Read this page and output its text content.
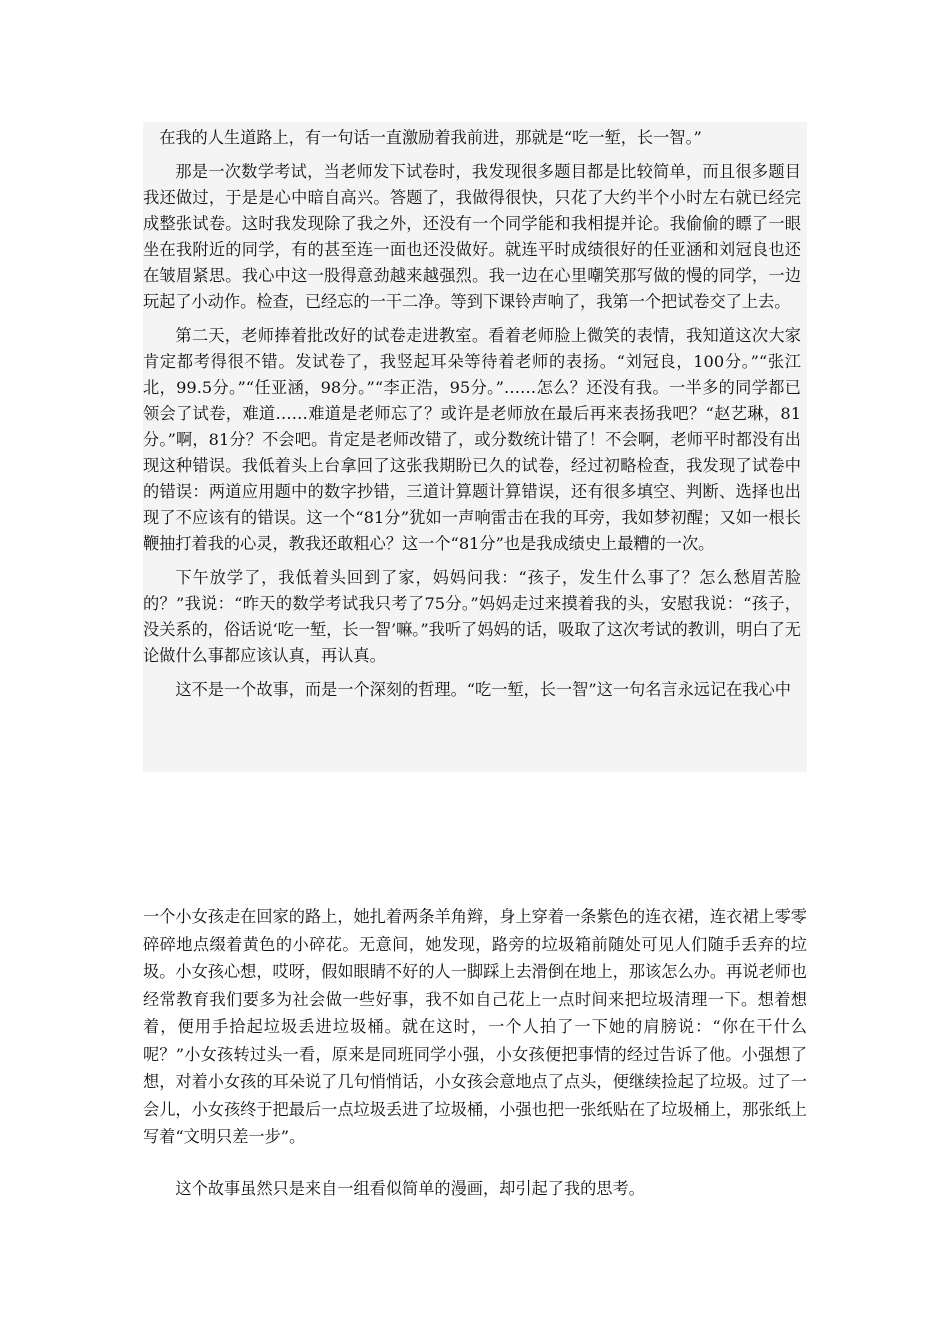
在我的人生道路上，有一句话一直激励着我前进，那就是“吃一堑，长一智。”

那是一次数学考试，当老师发下试卷时，我发现很多题目都是比较简单，而且很多题目我还做过，于是是心中暗自高兴。答题了，我做得很快，只花了大约半个小时左右就已经完成整张试卷。这时我发现除了我之外，还没有一个同学能和我相提并论。我偷偷的瞟了一眼坐在我附近的同学，有的甚至连一面也还没做好。就连平时成绩很好的任亚涵和刘冠良也还在皱眉紧思。我心中这一股得意劲越来越强烈。我一边在心里嘲笑那写做的慢的同学，一边玩起了小动作。检查，已经忘的一干二净。等到下课铃声响了，我第一个把试卷交了上去。

第二天，老师捧着批改好的试卷走进教室。看着老师脸上微笑的表情，我知道这次大家肯定都考得很不错。发试卷了，我竖起耳朵等待着老师的表扬。“刘冠良，100分。”“张江北，99.5分。”“任亚涵，98分。”“李正浩，95分。”……怎么？还没有我。一半多的同学都已领会了试卷，难道……难道是老师忘了？或许是老师放在最后再来表扬我吧？“赵艺琳，81分。”啊，81分？不会吧。肯定是老师改错了，或分数统计错了！不会啊，老师平时都没有出现这种错误。我低着头上台拿回了这张我期盼已久的试卷，经过初略检查，我发现了试卷中的错误：两道应用题中的数字抄错，三道计算题计算错误，还有很多填空、判断、选择也出现了不应该有的错误。这一个“81分”犹如一声响雷击在我的耳旁，我如梦初醒；又如一根长鞭抽打着我的心灵，教我还敢粗心？这一个“81分”也是我成绩史上最糟的一次。

下午放学了，我低着头回到了家，妈妈问我：“孩子，发生什么事了？怎么愁眉苦脸的？”我说：“昨天的数学考试我只考了75分。”妈妈走过来摸着我的头，安慰我说：“孩子，没关系的，俗话说‘吃一堑，长一智’嘛。”我听了妈妈的话，吸取了这次考试的教训，明白了无论做什么事都应该认真，再认真。

这不是一个故事，而是一个深刻的哲理。“吃一堑，长一智”这一句名言永远记在我心中

一个小女孩走在回家的路上，她扎着两条羊角辫，身上穿着一条紫色的连衣裙，连衣裙上零零碎碎地点缀着黄色的小碎花。无意间，她发现，路旁的垃圾箱前随处可见人们随手丢弃的垃圾。小女孩心想，哎呀，假如眼睛不好的人一脚踩上去滑倒在地上，那该怎么办。再说老师也经常教育我们要多为社会做一些好事，我不如自己花上一点时间来把垃圾清理一下。想着想着，便用手拾起垃圾丢进垃圾桶。就在这时，一个人拍了一下她的肩膀说：“你在干什么呢？”小女孩转过头一看，原来是同班同学小强，小女孩便把事情的经过告诉了他。小强想了想，对着小女孩的耳朵说了几句悄悄话，小女孩会意地点了点头，便继续捡起了垃圾。过了一会儿，小女孩终于把最后一点垃圾丢进了垃圾桶，小强也把一张纸贴在了垃圾桶上，那张纸上写着“文明只差一步”。

这个故事虽然只是来自一组看似简单的漫画，却引起了我的思考。
